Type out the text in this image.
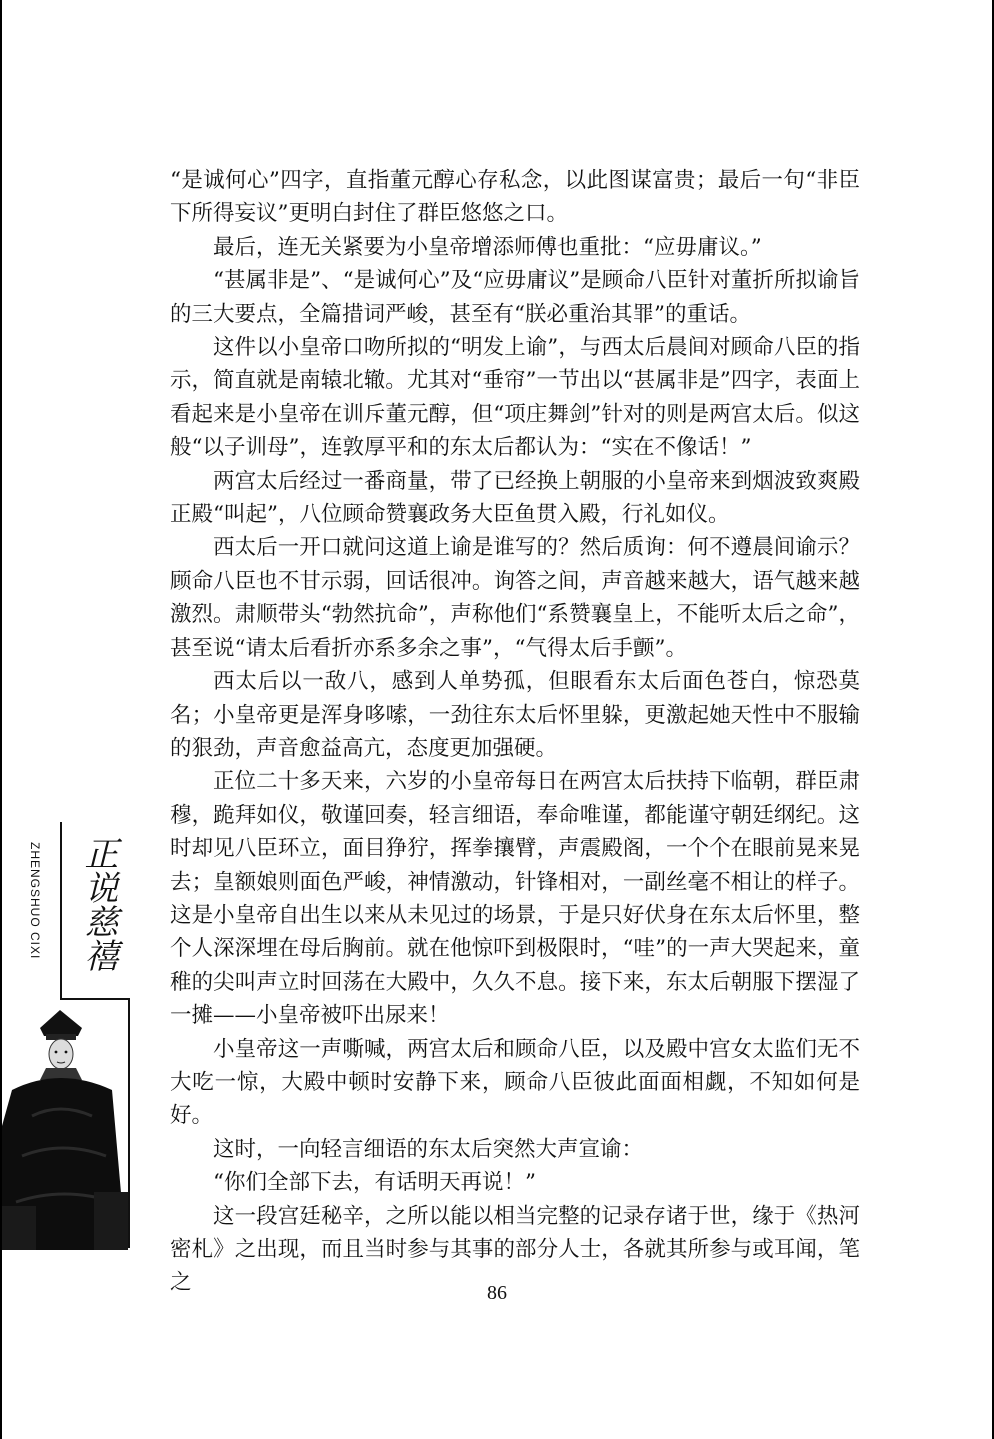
“是诚何心”四字，直指董元醇心存私念，以此图谋富贵；最后一句“非臣下所得妄议”更明白封住了群臣悠悠之口。

最后，连无关紧要为小皇帝增添师傅也重批：“应毋庸议。”

“甚属非是”、“是诚何心”及“应毋庸议”是顾命八臣针对董折所拟谕旨的三大要点，全篇措词严峻，甚至有“朕必重治其罪”的重话。

这件以小皇帝口吻所拟的“明发上谕”，与西太后晨间对顾命八臣的指示，简直就是南辕北辙。尤其对“垂帘”一节出以“甚属非是”四字，表面上看起来是小皇帝在训斥董元醇，但“项庄舞剑”针对的则是两宫太后。似这般“以子训母”，连敦厚平和的东太后都认为：“实在不像话！”

两宫太后经过一番商量，带了已经换上朝服的小皇帝来到烟波致爽殿正殿“叫起”，八位顾命赞襄政务大臣鱼贯入殿，行礼如仪。

西太后一开口就问这道上谕是谁写的？然后质询：何不遵晨间谕示？顾命八臣也不甘示弱，回话很冲。询答之间，声音越来越大，语气越来越激烈。肃顺带头“勃然抗命”，声称他们“系赞襄皇上，不能听太后之命”，甚至说“请太后看折亦系多余之事”，“气得太后手颤”。

西太后以一敌八，感到人单势孤，但眼看东太后面色苍白，惊恐莫名；小皇帝更是浑身哆嗦，一劲往东太后怀里躲，更激起她天性中不服输的狠劲，声音愈益高亢，态度更加强硬。

正位二十多天来，六岁的小皇帝每日在两宫太后扶持下临朝，群臣肃穆，跪拜如仪，敬谨回奏，轻言细语，奉命唯谨，都能谨守朝廷纲纪。这时却见八臣环立，面目狰狞，挥拳攘臂，声震殿阁，一个个在眼前晃来晃去；皇额娘则面色严峻，神情激动，针锋相对，一副丝毫不相让的样子。这是小皇帝自出生以来从未见过的场景，于是只好伏身在东太后怀里，整个人深深埋在母后胸前。就在他惊吓到极限时，“哇”的一声大哭起来，童稚的尖叫声立时回荡在大殿中，久久不息。接下来，东太后朝服下摆湿了一摊——小皇帝被吓出尿来！

小皇帝这一声嘶喊，两宫太后和顾命八臣，以及殿中宫女太监们无不大吃一惊，大殿中顿时安静下来，顾命八臣彼此面面相觑，不知如何是好。

这时，一向轻言细语的东太后突然大声宣谕：

“你们全部下去，有话明天再说！”

这一段宫廷秘辛，之所以能以相当完整的记录存诸于世，缘于《热河密札》之出现，而且当时参与其事的部分人士，各就其所参与或耳闻，笔之

ZHENGSHUO CIXI 正说慈禧
86
